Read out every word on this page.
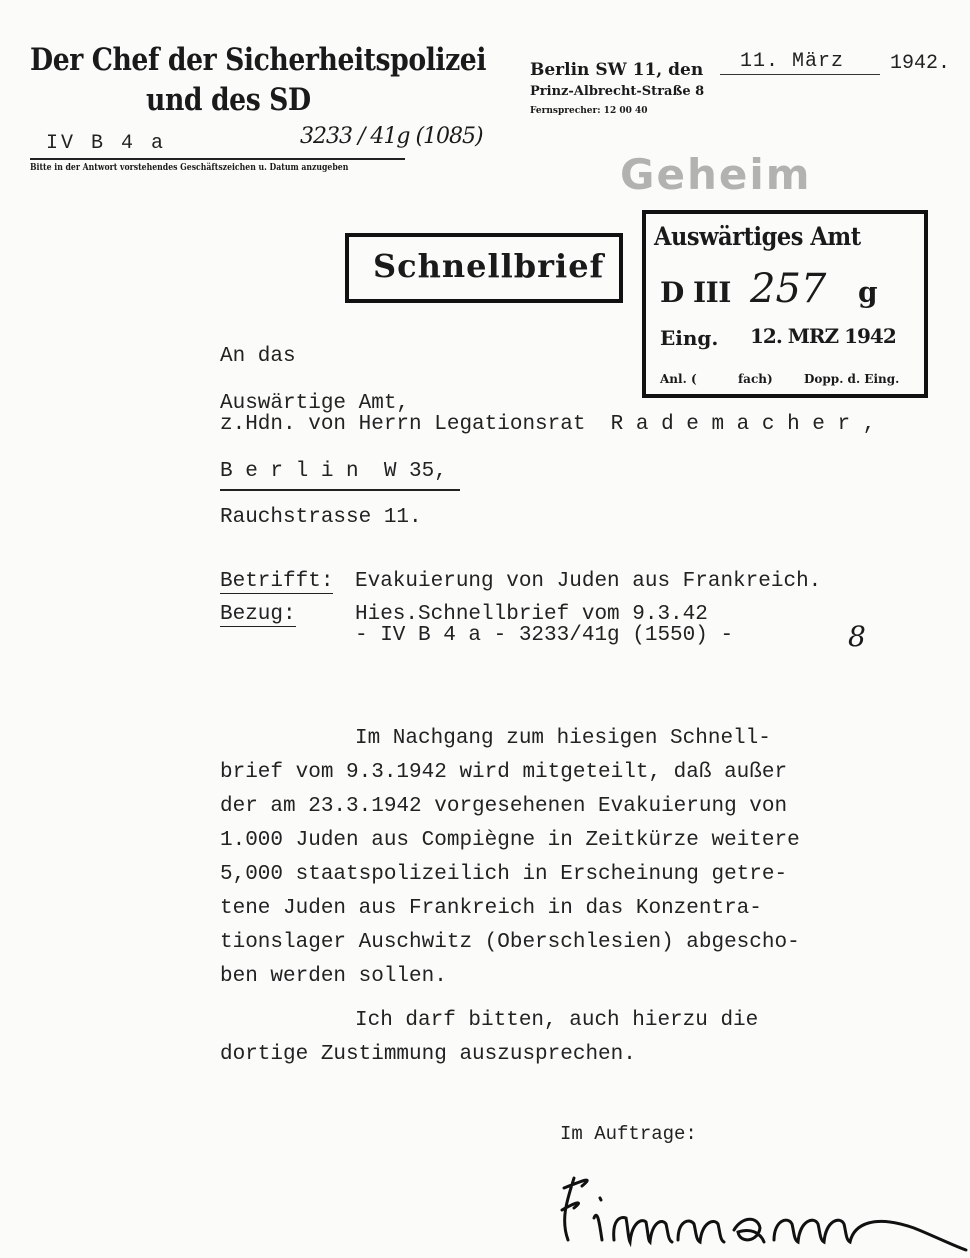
Der Chef der Sicherheitspolizei
und des SD
IV B 4 a	3233 / 41g (1085)
Bitte in der Antwort vorstehendes Geschäftszeichen u. Datum anzugeben
Berlin SW 11, den 11. März 1942.
Prinz-Albrecht-Straße 8
Fernsprecher: 12 00 40
Geheim
Schnellbrief
Auswärtiges Amt
D III 257 g
Eing. 12. MRZ 1942
Anl. (	fach)	Dopp. d. Eing.
An das
Auswärtige Amt,
z.Hdn. von Herrn Legationsrat  R a d e m a c h e r ,
B e r l i n  W 35,
Rauchstrasse 11.
Betrifft: Evakuierung von Juden aus Frankreich.
Bezug:	Hies.Schnellbrief vom 9.3.42
- IV B 4 a - 3233/41g (1550) -	8
Im Nachgang zum hiesigen Schnell-
brief vom 9.3.1942 wird mitgeteilt, daß außer
der am 23.3.1942 vorgesehenen Evakuierung von
1.000 Juden aus Compiègne in Zeitkürze weitere
5,000 staatspolizeilich in Erscheinung getre-
tene Juden aus Frankreich in das Konzentra-
tionslager Auschwitz (Oberschlesien) abgescho-
ben werden sollen.
Ich darf bitten, auch hierzu die
dortige Zustimmung auszusprechen.
Im Auftrage:
